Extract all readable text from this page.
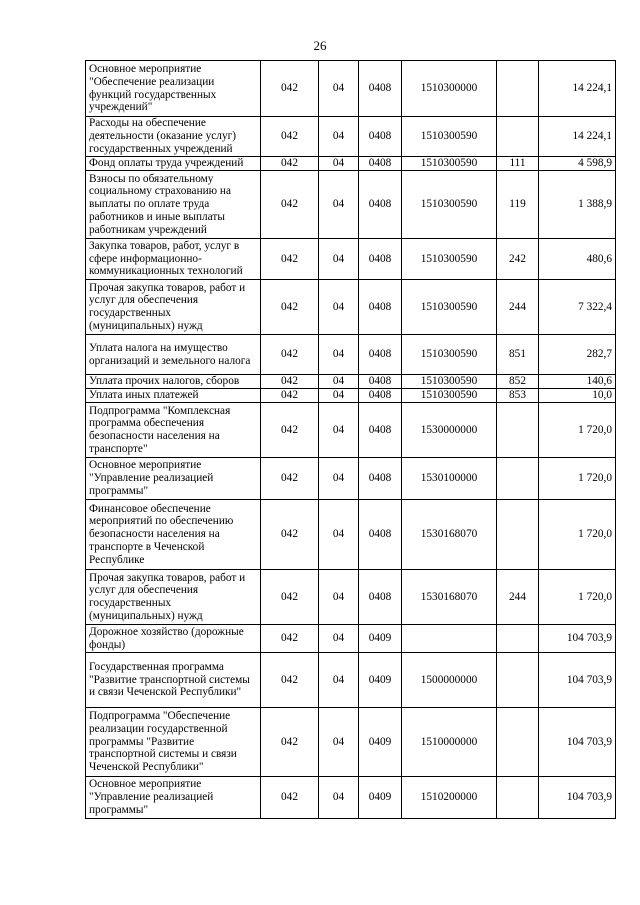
26
Основное мероприятие "Обеспечение реализации функций государственных учреждений"	042	04	0408	1510300000		14 224,1
Расходы на обеспечение деятельности (оказание услуг) государственных учреждений	042	04	0408	1510300590		14 224,1
Фонд оплаты труда учреждений	042	04	0408	1510300590	111	4 598,9
Взносы по обязательному социальному страхованию на выплаты по оплате труда работников и иные выплаты работникам учреждений	042	04	0408	1510300590	119	1 388,9
Закупка товаров, работ, услуг в сфере информационно-коммуникационных технологий	042	04	0408	1510300590	242	480,6
Прочая закупка товаров, работ и услуг для обеспечения государственных (муниципальных) нужд	042	04	0408	1510300590	244	7 322,4
Уплата налога на имущество организаций и земельного налога	042	04	0408	1510300590	851	282,7
Уплата прочих налогов, сборов	042	04	0408	1510300590	852	140,6
Уплата иных платежей	042	04	0408	1510300590	853	10,0
Подпрограмма "Комплексная программа обеспечения безопасности населения на транспорте"	042	04	0408	1530000000		1 720,0
Основное мероприятие "Управление реализацией программы"	042	04	0408	1530100000		1 720,0
Финансовое обеспечение мероприятий по обеспечению безопасности населения на транспорте в Чеченской Республике	042	04	0408	1530168070		1 720,0
Прочая закупка товаров, работ и услуг для обеспечения государственных (муниципальных) нужд	042	04	0408	1530168070	244	1 720,0
Дорожное хозяйство (дорожные фонды)	042	04	0409			104 703,9
Государственная программа "Развитие транспортной системы и связи Чеченской Республики"	042	04	0409	1500000000		104 703,9
Подпрограмма "Обеспечение реализации государственной программы "Развитие транспортной системы и связи Чеченской Республики"	042	04	0409	1510000000		104 703,9
Основное мероприятие "Управление реализацией программы"	042	04	0409	1510200000		104 703,9
